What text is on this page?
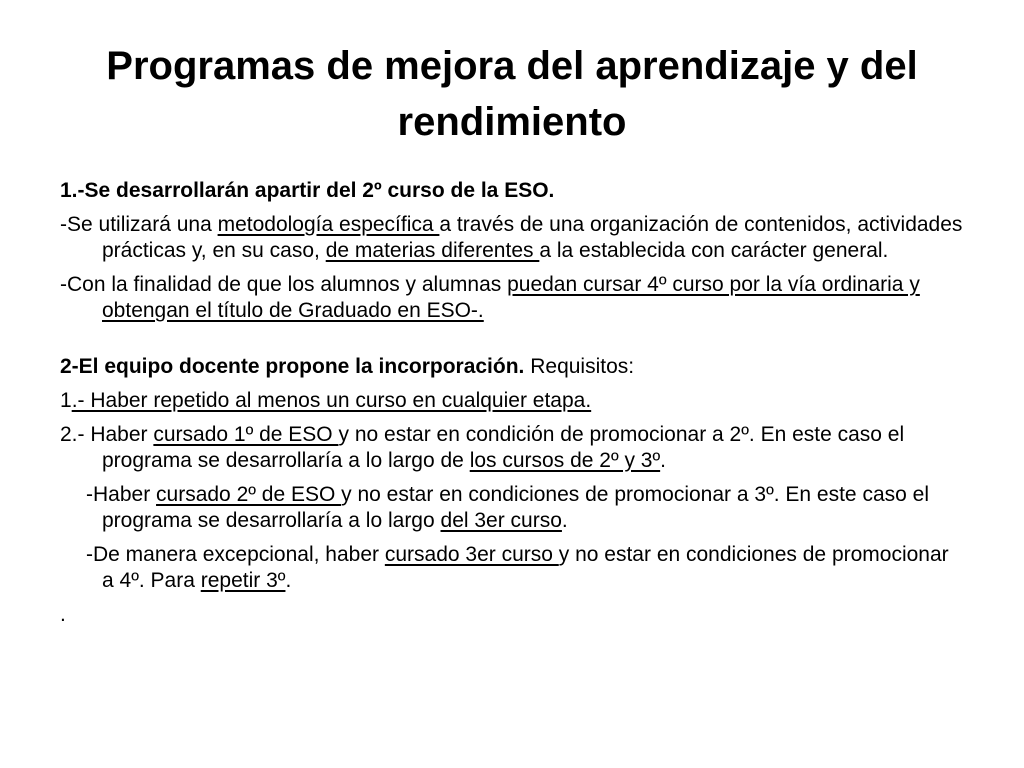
Programas de mejora del aprendizaje y del rendimiento

1.-Se desarrollarán apartir del 2º curso de la ESO.

-Se utilizará una metodología específica a través de una organización de contenidos, actividades prácticas y, en su caso, de materias diferentes a la establecida con carácter general.

-Con la finalidad de que los alumnos y alumnas puedan cursar 4º curso por la vía ordinaria y obtengan el título de Graduado en ESO-.

2-El equipo docente propone la incorporación. Requisitos:

1.- Haber repetido al menos un curso en cualquier etapa.

2.- Haber cursado 1º de ESO y no estar en condición de promocionar a 2º. En este caso el programa se desarrollaría a lo largo de los cursos de 2º y 3º.

-Haber cursado 2º de ESO y no estar en condiciones de promocionar a 3º. En este caso el programa se desarrollaría a lo largo del 3er curso.

-De manera excepcional, haber cursado 3er curso y no estar en condiciones de promocionar a 4º. Para repetir 3º.

.
